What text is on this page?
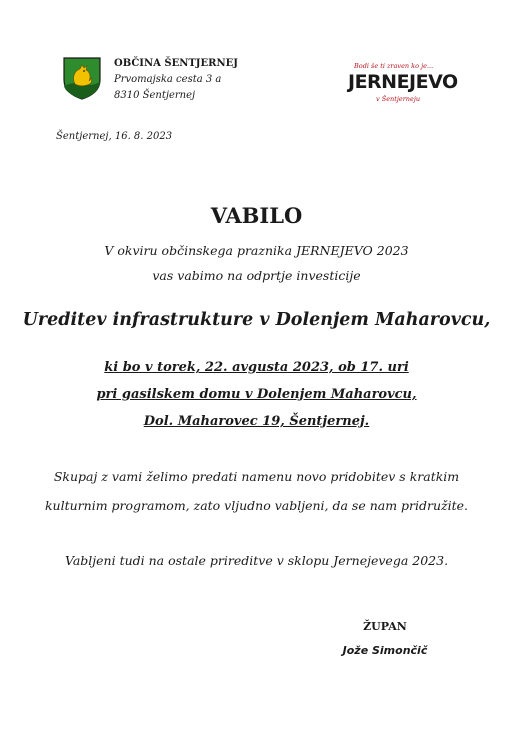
OBČINA ŠENTJERNEJ
Prvomajska cesta 3 a
8310 Šentjernej
Bodi še ti zraven ko je...
JERNEJEVO
v Šentjerneju
Šentjernej, 16. 8. 2023
VABILO
V okviru občinskega praznika JERNEJEVO 2023
vas vabimo na odprtje investicije
Ureditev infrastrukture v Dolenjem Maharovcu,
ki bo v torek, 22. avgusta 2023, ob 17. uri
pri gasilskem domu v Dolenjem Maharovcu,
Dol. Maharovec 19, Šentjernej.
Skupaj z vami želimo predati namenu novo pridobitev s kratkim
kulturnim programom, zato vljudno vabljeni, da se nam pridružite.
Vabljeni tudi na ostale prireditve v sklopu Jernejevega 2023.
ŽUPAN
Jože Simončič
